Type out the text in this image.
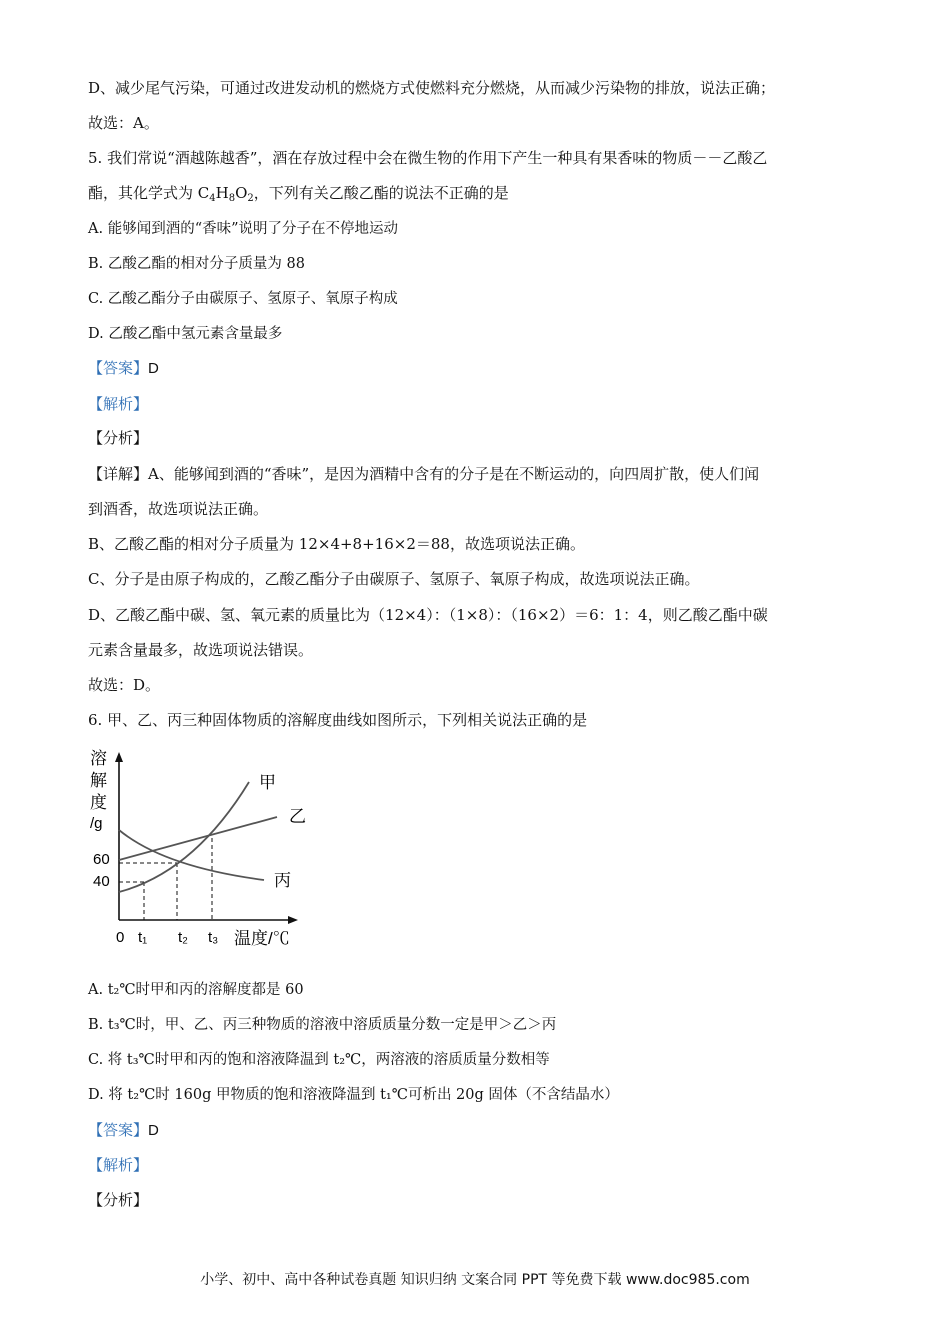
D、减少尾气污染，可通过改进发动机的燃烧方式使燃料充分燃烧，从而减少污染物的排放，说法正确；
故选：A。
5. 我们常说“酒越陈越香”，酒在存放过程中会在微生物的作用下产生一种具有果香味的物质－－乙酸乙
酯，其化学式为 $C_4H_8O_2$，下列有关乙酸乙酯的说法不正确的是
A. 能够闻到酒的“香味”说明了分子在不停地运动
B. 乙酸乙酯的相对分子质量为 88
C. 乙酸乙酯分子由碳原子、氢原子、氧原子构成
D. 乙酸乙酯中氢元素含量最多
【答案】D
【解析】
【分析】
【详解】A、能够闻到酒的“香味”，是因为酒精中含有的分子是在不断运动的，向四周扩散，使人们闻
到酒香，故选项说法正确。
B、乙酸乙酯的相对分子质量为 12×4+8+16×2＝88，故选项说法正确。
C、分子是由原子构成的，乙酸乙酯分子由碳原子、氢原子、氧原子构成，故选项说法正确。
D、乙酸乙酯中碳、氢、氧元素的质量比为（12×4）：（1×8）：（16×2）＝6：1：4，则乙酸乙酯中碳
元素含量最多，故选项说法错误。
故选：D。
6. 甲、乙、丙三种固体物质的溶解度曲线如图所示，下列相关说法正确的是
溶
解
度
/g
60
40
甲
乙
丙
0 t₁ t₂ t₃ 温度/℃
A. t₂℃时甲和丙的溶解度都是 60
B. t₃℃时，甲、乙、丙三种物质的溶液中溶质质量分数一定是甲＞乙＞丙
C. 将 t₃℃时甲和丙的饱和溶液降温到 t₂℃，两溶液的溶质质量分数相等
D. 将 t₂℃时 160g 甲物质的饱和溶液降温到 t₁℃可析出 20g 固体（不含结晶水）
【答案】D
【解析】
【分析】
小学、初中、高中各种试卷真题 知识归纳 文案合同 PPT 等免费下载 www.doc985.com
